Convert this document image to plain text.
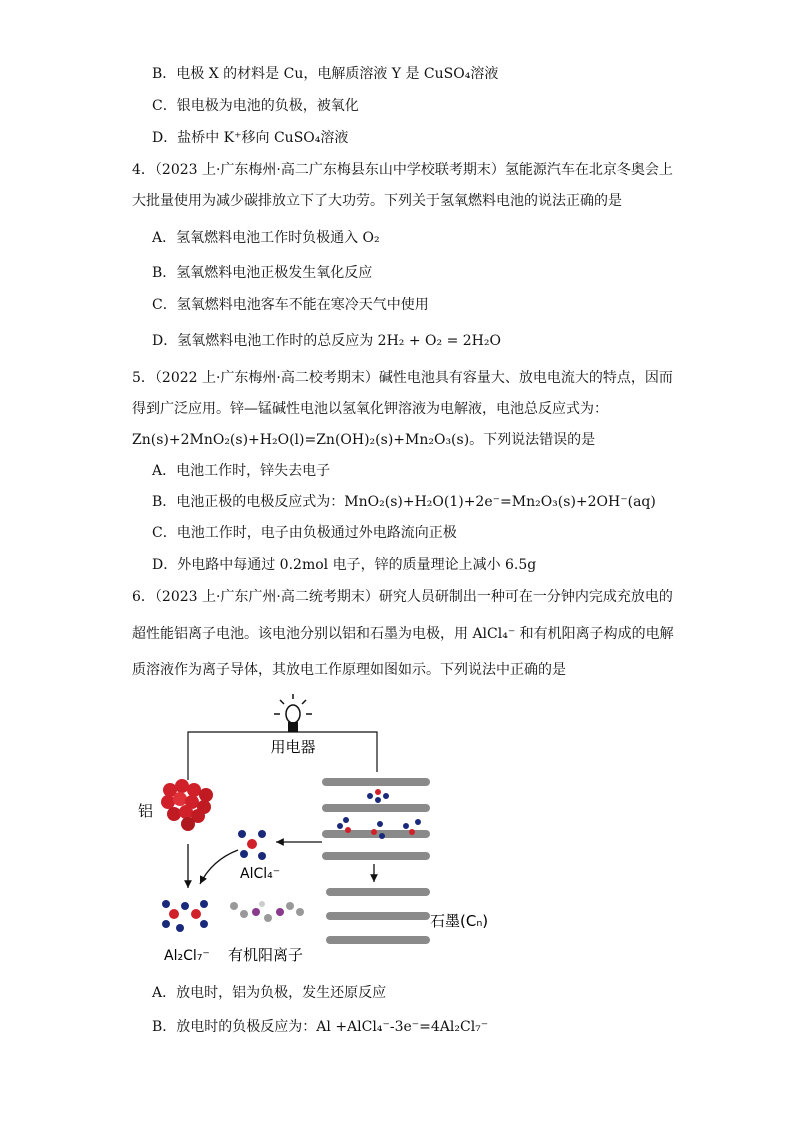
B．电极 X 的材料是 Cu，电解质溶液 Y 是 CuSO₄溶液
C．银电极为电池的负极，被氧化
D．盐桥中 K⁺移向 CuSO₄溶液
4．（2023 上·广东梅州·高二广东梅县东山中学校联考期末）氢能源汽车在北京冬奥会上
大批量使用为减少碳排放立下了大功劳。下列关于氢氧燃料电池的说法正确的是
A．氢氧燃料电池工作时负极通入 O₂
B．氢氧燃料电池正极发生氧化反应
C．氢氧燃料电池客车不能在寒冷天气中使用
D．氢氧燃料电池工作时的总反应为 2H₂ + O₂ = 2H₂O
5．（2022 上·广东梅州·高二校考期末）碱性电池具有容量大、放电电流大的特点，因而
得到广泛应用。锌—锰碱性电池以氢氧化钾溶液为电解液，电池总反应式为：
Zn(s)+2MnO₂(s)+H₂O(l)=Zn(OH)₂(s)+Mn₂O₃(s)。下列说法错误的是
A．电池工作时，锌失去电子
B．电池正极的电极反应式为：MnO₂(s)+H₂O(1)+2e⁻=Mn₂O₃(s)+2OH⁻(aq)
C．电池工作时，电子由负极通过外电路流向正极
D．外电路中每通过 0.2mol 电子，锌的质量理论上减小 6.5g
6．（2023 上·广东广州·高二统考期末）研究人员研制出一种可在一分钟内完成充放电的
超性能铝离子电池。该电池分别以铝和石墨为电极，用 AlCl₄⁻ 和有机阳离子构成的电解
质溶液作为离子导体，其放电工作原理如图如示。下列说法中正确的是
用电器
铝
石墨(Cₙ)
AlCl₄⁻
Al₂Cl₇⁻ 有机阳离子
A．放电时，铝为负极，发生还原反应
B．放电时的负极反应为：Al +AlCl₄⁻-3e⁻=4Al₂Cl₇⁻
